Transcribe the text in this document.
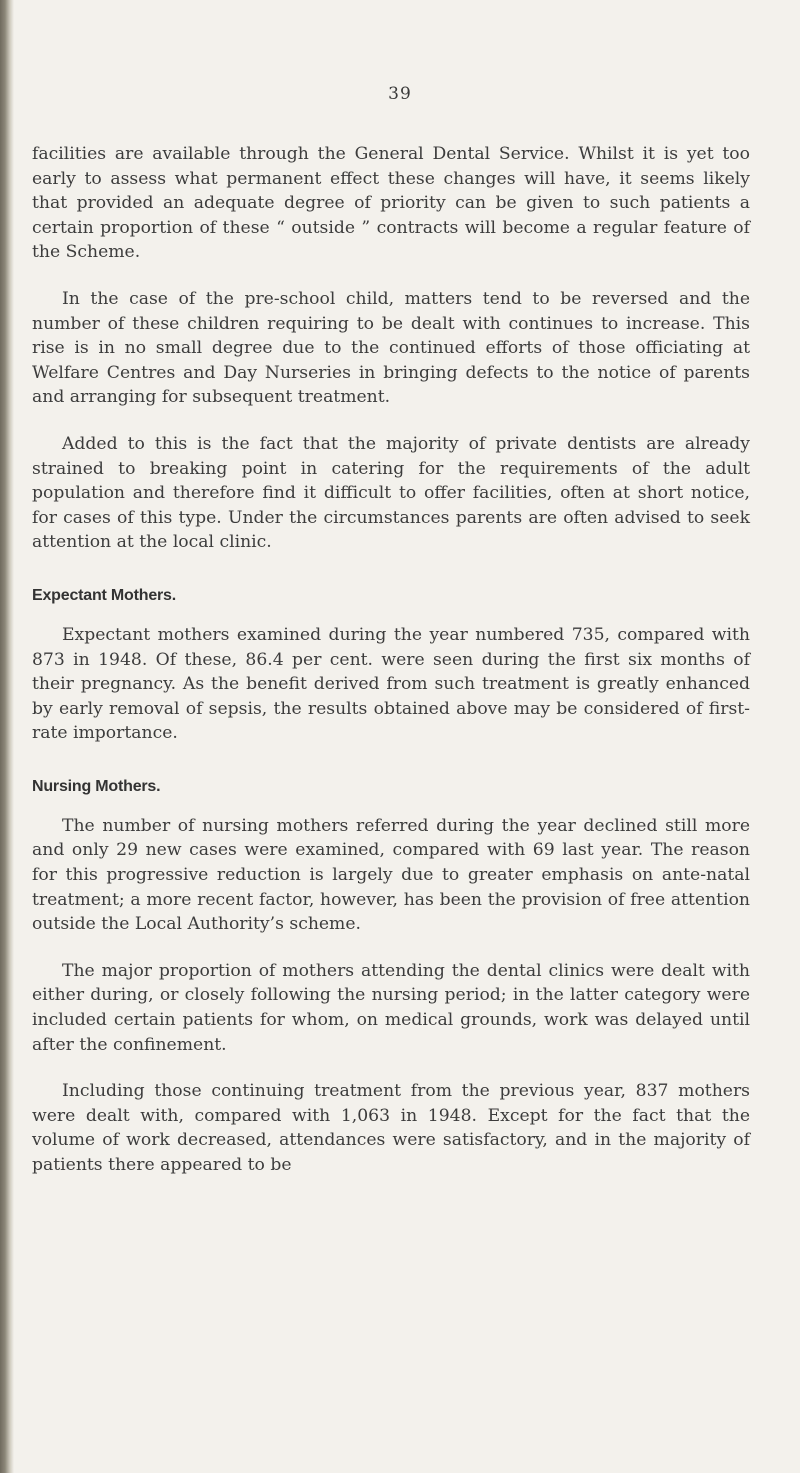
39

facilities are available through the General Dental Service. Whilst it is yet too early to assess what permanent effect these changes will have, it seems likely that provided an adequate degree of priority can be given to such patients a certain proportion of these “ outside ” contracts will become a regular feature of the Scheme.

In the case of the pre-school child, matters tend to be reversed and the number of these children requiring to be dealt with continues to increase. This rise is in no small degree due to the continued efforts of those officiating at Welfare Centres and Day Nurseries in bringing defects to the notice of parents and arranging for subsequent treatment.

Added to this is the fact that the majority of private dentists are already strained to breaking point in catering for the requirements of the adult population and therefore find it difficult to offer facilities, often at short notice, for cases of this type. Under the circumstances parents are often advised to seek attention at the local clinic.

Expectant Mothers.

Expectant mothers examined during the year numbered 735, compared with 873 in 1948. Of these, 86.4 per cent. were seen during the first six months of their pregnancy. As the benefit derived from such treatment is greatly enhanced by early removal of sepsis, the results obtained above may be considered of first-rate importance.

Nursing Mothers.

The number of nursing mothers referred during the year declined still more and only 29 new cases were examined, compared with 69 last year. The reason for this progressive reduction is largely due to greater emphasis on ante-natal treatment; a more recent factor, however, has been the provision of free attention outside the Local Authority’s scheme.

The major proportion of mothers attending the dental clinics were dealt with either during, or closely following the nursing period; in the latter category were included certain patients for whom, on medical grounds, work was delayed until after the confinement.

Including those continuing treatment from the previous year, 837 mothers were dealt with, compared with 1,063 in 1948. Except for the fact that the volume of work decreased, attendances were satisfactory, and in the majority of patients there appeared to be
